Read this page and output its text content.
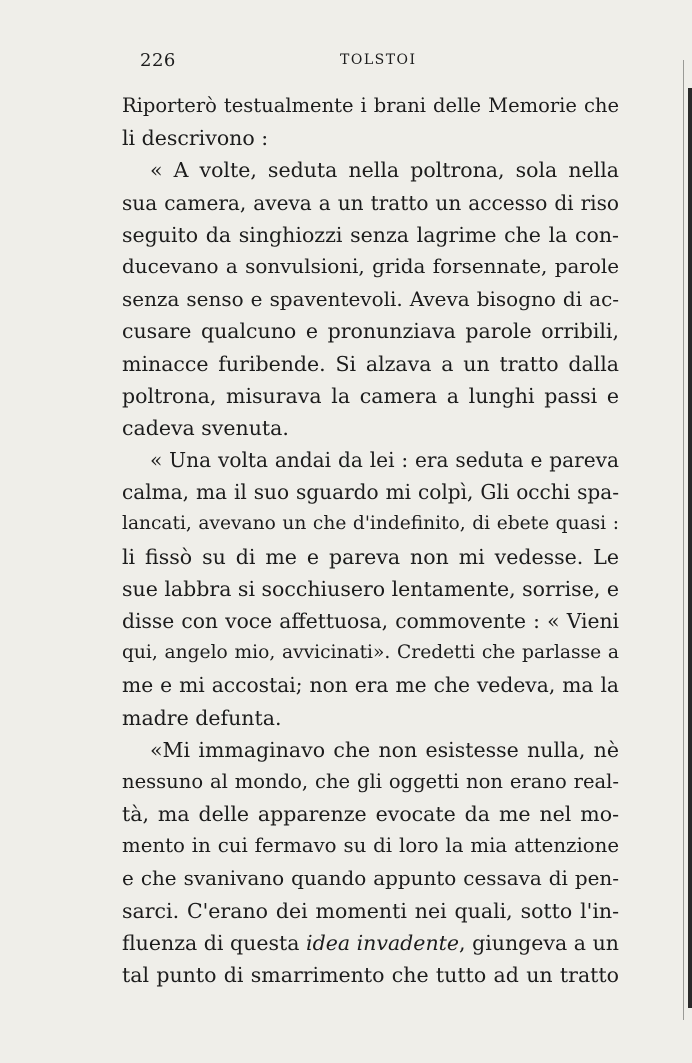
226	TOLSTOI
Riporterò testualmente i brani delle Memorie che
li descrivono :
« A volte, seduta nella poltrona, sola nella
sua camera, aveva a un tratto un accesso di riso
seguito da singhiozzi senza lagrime che la con-
ducevano a sonvulsioni, grida forsennate, parole
senza senso e spaventevoli. Aveva bisogno di ac-
cusare qualcuno e pronunziava parole orribili,
minacce furibende. Si alzava a un tratto dalla
poltrona, misurava la camera a lunghi passi e
cadeva svenuta.
« Una volta andai da lei : era seduta e pareva
calma, ma il suo sguardo mi colpì, Gli occhi spa-
lancati, avevano un che d'indefinito, di ebete quasi :
li fissò su di me e pareva non mi vedesse. Le
sue labbra si socchiusero lentamente, sorrise, e
disse con voce affettuosa, commovente : « Vieni
qui, angelo mio, avvicinati». Credetti che parlasse a
me e mi accostai; non era me che vedeva, ma la
madre defunta.
«Mi immaginavo che non esistesse nulla, nè
nessuno al mondo, che gli oggetti non erano real-
tà, ma delle apparenze evocate da me nel mo-
mento in cui fermavo su di loro la mia attenzione
e che svanivano quando appunto cessava di pen-
sarci. C'erano dei momenti nei quali, sotto l'in-
fluenza di questa idea invadente, giungeva a un
tal punto di smarrimento che tutto ad un tratto
